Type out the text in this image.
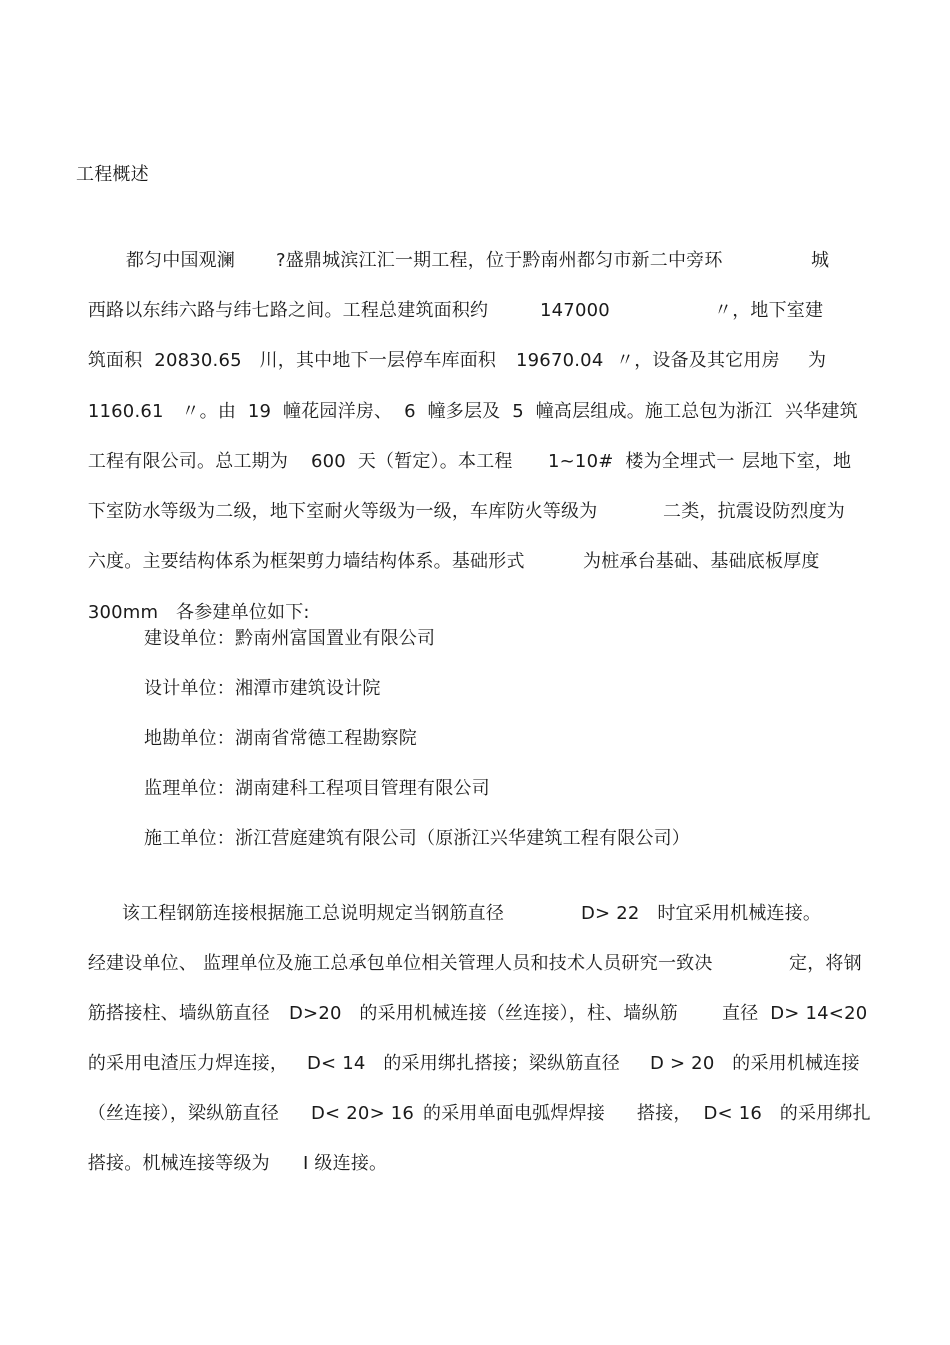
工程概述

都匀中国观澜 ?盛鼎城滨江汇一期工程，位于黔南州都匀市新二中旁环	城

西路以东纬六路与纬七路之间。工程总建筑面积约	147000	〃，地下室建

筑面积  20830.65   川，其中地下一层停车库面积 19670.04 〃，设备及其它用房 为

1160.61   〃。由  19  幢花园洋房、  6  幢多层及  5  幢高层组成。施工总包为浙江 兴华建筑

工程有限公司。总工期为 600  天（暂定）。本工程 1~10#  楼为全埋式一 层地下室，地

下室防水等级为二级，地下室耐火等级为一级，车库防火等级为	二类，抗震设防烈度为

六度。主要结构体系为框架剪力墙结构体系。基础形式	为桩承台基础、基础底板厚度

300mm   各参建单位如下:

建设单位：黔南州富国置业有限公司
设计单位：湘潭市建筑设计院
地勘单位：湖南省常德工程勘察院
监理单位：湖南建科工程项目管理有限公司
施工单位：浙江营庭建筑有限公司（原浙江兴华建筑工程有限公司）

该工程钢筋连接根据施工总说明规定当钢筋直径	D> 22   时宜采用机械连接。

经建设单位、 监理单位及施工总承包单位相关管理人员和技术人员研究一致决	定，将钢

筋搭接柱、墙纵筋直径 D>20   的采用机械连接（丝连接），柱、墙纵筋 直径  D> 14<20

的采用电渣压力焊连接， D< 14   的采用绑扎搭接；梁纵筋直径 D > 20   的采用机械连接

（丝连接），梁纵筋直径 D< 20> 16 的采用单面电弧焊焊接 搭接，  D< 16   的采用绑扎

搭接。机械连接等级为 I 级连接。
